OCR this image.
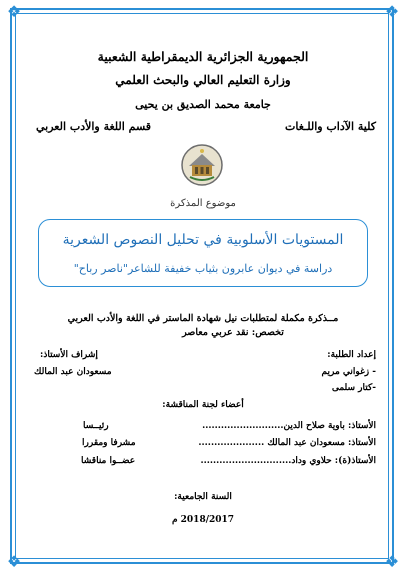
❖	❖
❖	❖
الجمهورية الجزائرية الديمقراطية الشعبية
وزارة التعليم العالي والبحث العلمي
جامعة محمد الصديق بن يحيى
كلية الآداب واللـغات
قسم اللغة والأدب العربي
موضوع المذكرة
المستويات الأسلوبية في تحليل النصوص الشعرية
دراسة في ديوان عابرون بثياب خفيفة للشاعر"ناصر رباح"
مــذكرة مكملة لمتطلبات نيل شهادة الماستر في اللغة والأدب العربي
تخصص: نقد عربي معاصر
إعداد الطلبة:
- زغواني مريم
-كتار سلمى
إشراف الأستاذ:
مسعودان عبد المالك
أعضاء لجنة المناقشة:
الأستاذ: باوية صلاح الدين..........................
رئيــسا
الأستاذ: مسعودان عبد المالك .....................
مشرفا ومقررا
الأستاذ(ة): حلاوي وداد.............................
عضــوا مناقشا
السنة الجامعية:
2018/2017 م
